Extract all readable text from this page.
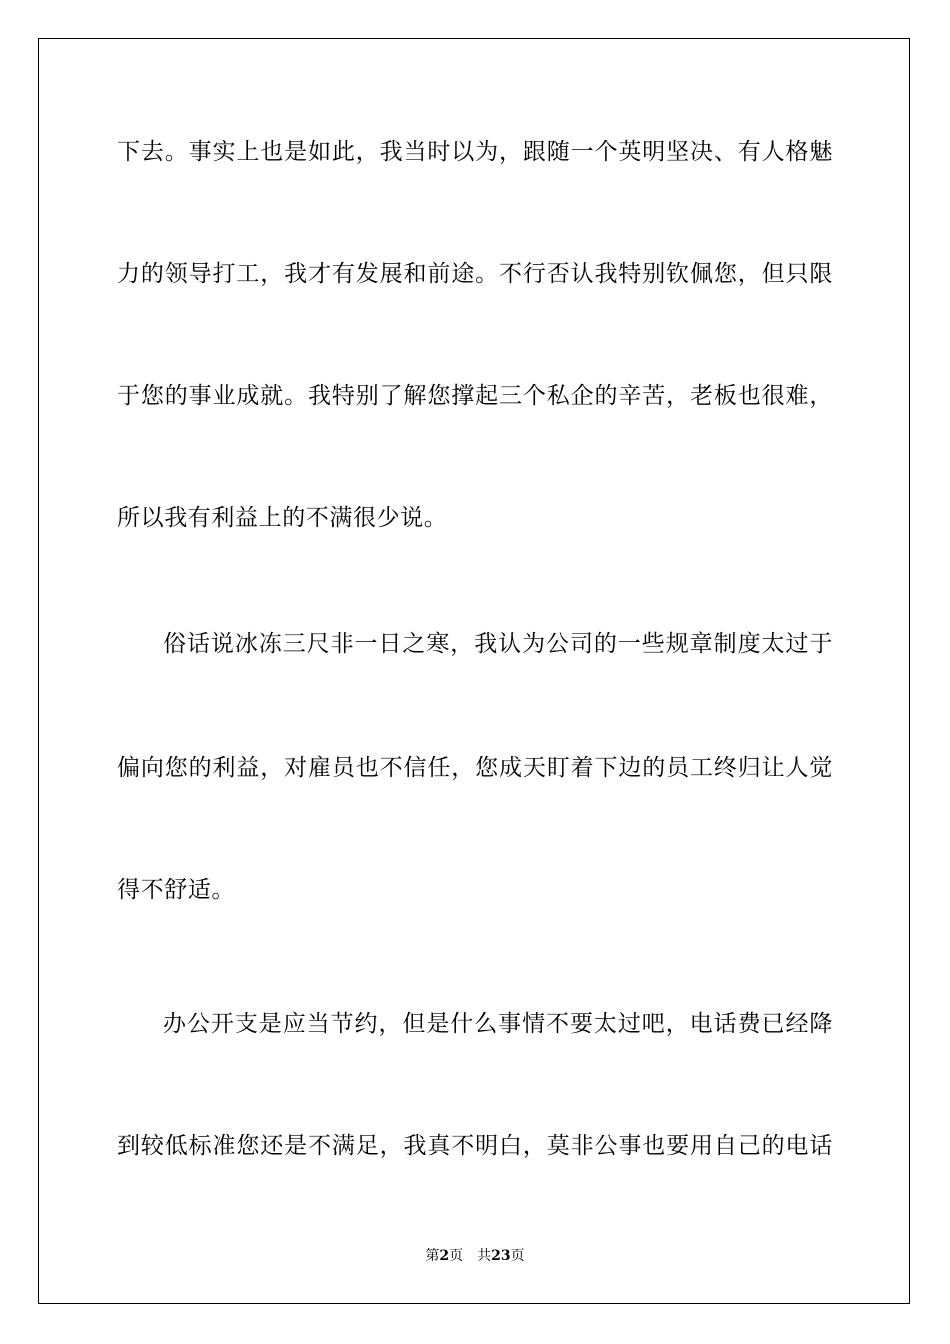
下去。事实上也是如此，我当时以为，跟随一个英明坚决、有人格魅
力的领导打工，我才有发展和前途。不行否认我特别钦佩您，但只限
于您的事业成就。我特别了解您撑起三个私企的辛苦，老板也很难，
所以我有利益上的不满很少说。
俗话说冰冻三尺非一日之寒，我认为公司的一些规章制度太过于
偏向您的利益，对雇员也不信任，您成天盯着下边的员工终归让人觉
得不舒适。
办公开支是应当节约，但是什么事情不要太过吧，电话费已经降
到较低标准您还是不满足，我真不明白，莫非公事也要用自己的电话
第2页 共23页
